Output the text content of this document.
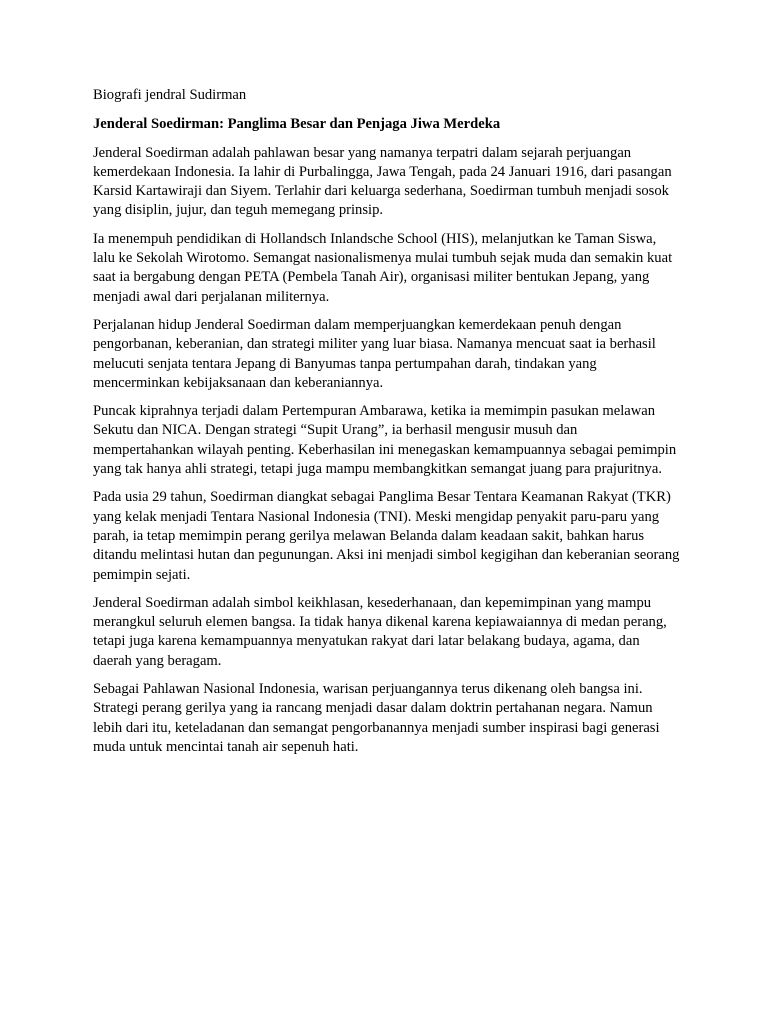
Biografi jendral Sudirman

Jenderal Soedirman: Panglima Besar dan Penjaga Jiwa Merdeka

Jenderal Soedirman adalah pahlawan besar yang namanya terpatri dalam sejarah perjuangan kemerdekaan Indonesia. Ia lahir di Purbalingga, Jawa Tengah, pada 24 Januari 1916, dari pasangan Karsid Kartawiraji dan Siyem. Terlahir dari keluarga sederhana, Soedirman tumbuh menjadi sosok yang disiplin, jujur, dan teguh memegang prinsip.

Ia menempuh pendidikan di Hollandsch Inlandsche School (HIS), melanjutkan ke Taman Siswa, lalu ke Sekolah Wirotomo. Semangat nasionalismenya mulai tumbuh sejak muda dan semakin kuat saat ia bergabung dengan PETA (Pembela Tanah Air), organisasi militer bentukan Jepang, yang menjadi awal dari perjalanan militernya.

Perjalanan hidup Jenderal Soedirman dalam memperjuangkan kemerdekaan penuh dengan pengorbanan, keberanian, dan strategi militer yang luar biasa. Namanya mencuat saat ia berhasil melucuti senjata tentara Jepang di Banyumas tanpa pertumpahan darah, tindakan yang mencerminkan kebijaksanaan dan keberaniannya.

Puncak kiprahnya terjadi dalam Pertempuran Ambarawa, ketika ia memimpin pasukan melawan Sekutu dan NICA. Dengan strategi “Supit Urang”, ia berhasil mengusir musuh dan mempertahankan wilayah penting. Keberhasilan ini menegaskan kemampuannya sebagai pemimpin yang tak hanya ahli strategi, tetapi juga mampu membangkitkan semangat juang para prajuritnya.

Pada usia 29 tahun, Soedirman diangkat sebagai Panglima Besar Tentara Keamanan Rakyat (TKR) yang kelak menjadi Tentara Nasional Indonesia (TNI). Meski mengidap penyakit paru-paru yang parah, ia tetap memimpin perang gerilya melawan Belanda dalam keadaan sakit, bahkan harus ditandu melintasi hutan dan pegunungan. Aksi ini menjadi simbol kegigihan dan keberanian seorang pemimpin sejati.

Jenderal Soedirman adalah simbol keikhlasan, kesederhanaan, dan kepemimpinan yang mampu merangkul seluruh elemen bangsa. Ia tidak hanya dikenal karena kepiawaiannya di medan perang, tetapi juga karena kemampuannya menyatukan rakyat dari latar belakang budaya, agama, dan daerah yang beragam.

Sebagai Pahlawan Nasional Indonesia, warisan perjuangannya terus dikenang oleh bangsa ini. Strategi perang gerilya yang ia rancang menjadi dasar dalam doktrin pertahanan negara. Namun lebih dari itu, keteladanan dan semangat pengorbanannya menjadi sumber inspirasi bagi generasi muda untuk mencintai tanah air sepenuh hati.
